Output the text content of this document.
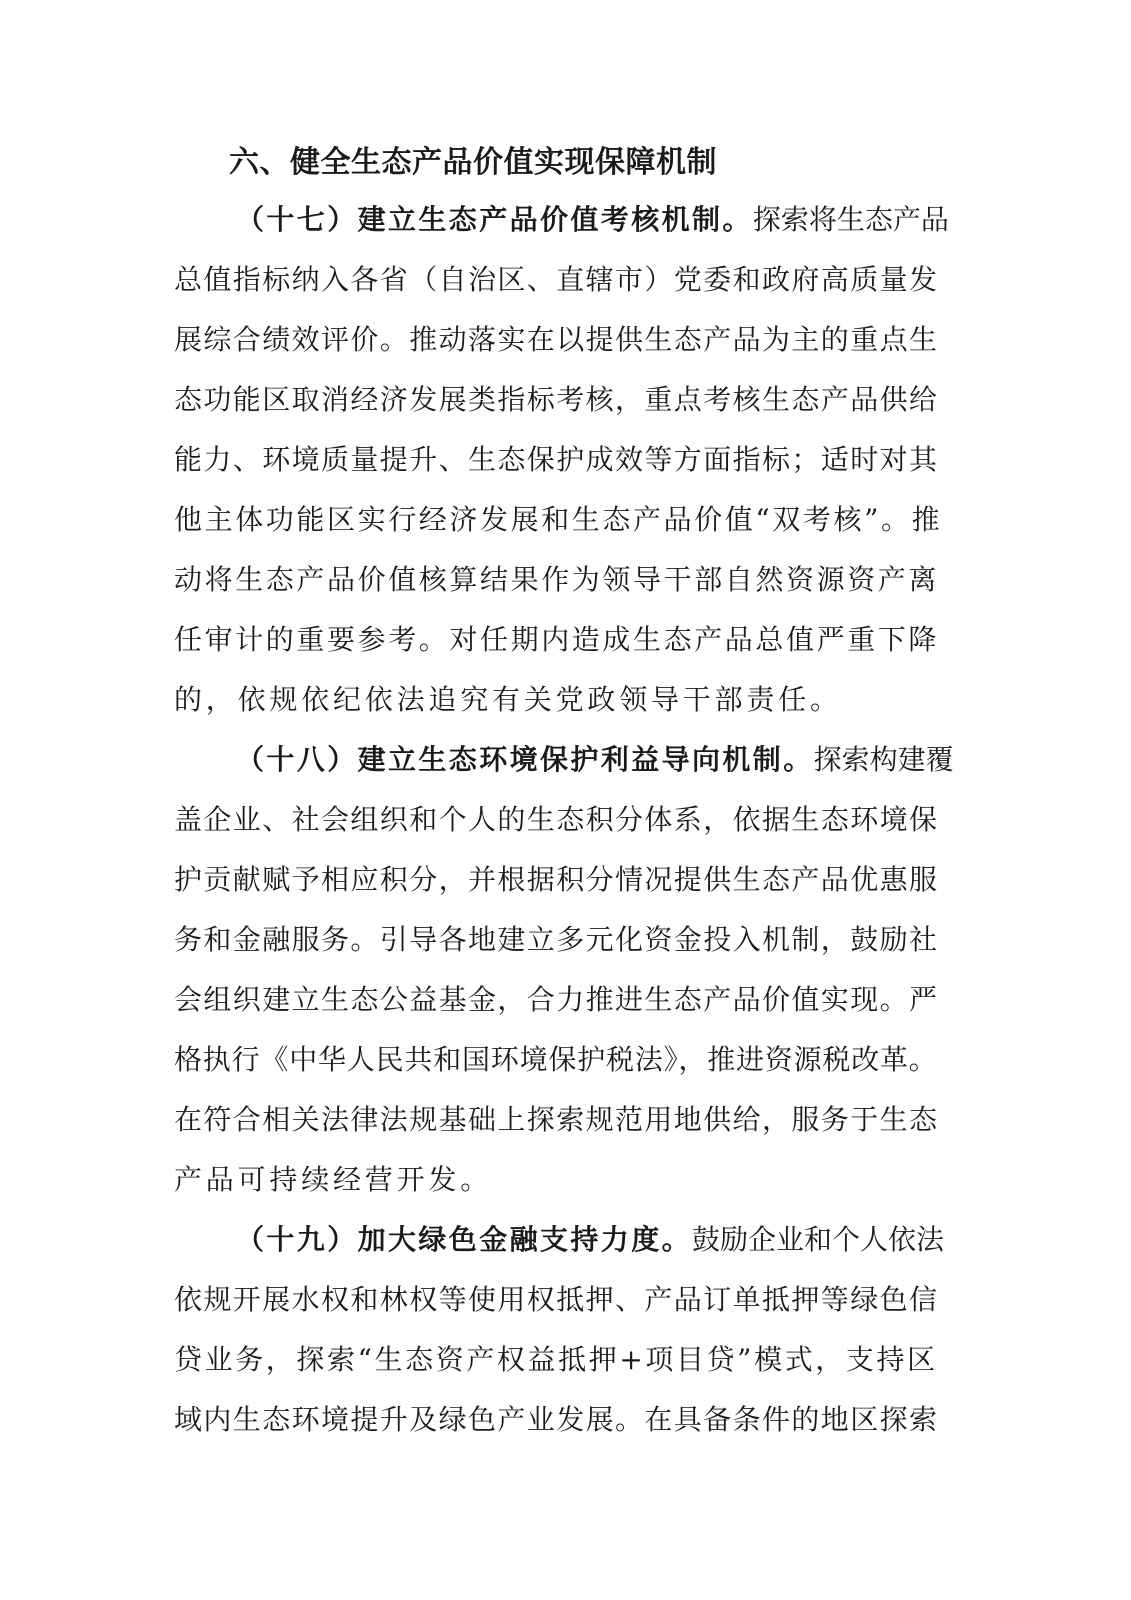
六、健全生态产品价值实现保障机制

（十七）建立生态产品价值考核机制。探索将生态产品

总值指标纳入各省（自治区、直辖市）党委和政府高质量发

展综合绩效评价。推动落实在以提供生态产品为主的重点生

态功能区取消经济发展类指标考核，重点考核生态产品供给

能力、环境质量提升、生态保护成效等方面指标；适时对其

他主体功能区实行经济发展和生态产品价值“双考核”。推

动将生态产品价值核算结果作为领导干部自然资源资产离

任审计的重要参考。对任期内造成生态产品总值严重下降

的，依规依纪依法追究有关党政领导干部责任。

（十八）建立生态环境保护利益导向机制。探索构建覆

盖企业、社会组织和个人的生态积分体系，依据生态环境保

护贡献赋予相应积分，并根据积分情况提供生态产品优惠服

务和金融服务。引导各地建立多元化资金投入机制，鼓励社

会组织建立生态公益基金，合力推进生态产品价值实现。严

格执行《中华人民共和国环境保护税法》，推进资源税改革。

在符合相关法律法规基础上探索规范用地供给，服务于生态

产品可持续经营开发。

（十九）加大绿色金融支持力度。鼓励企业和个人依法

依规开展水权和林权等使用权抵押、产品订单抵押等绿色信

贷业务，探索“生态资产权益抵押+项目贷”模式，支持区

域内生态环境提升及绿色产业发展。在具备条件的地区探索
